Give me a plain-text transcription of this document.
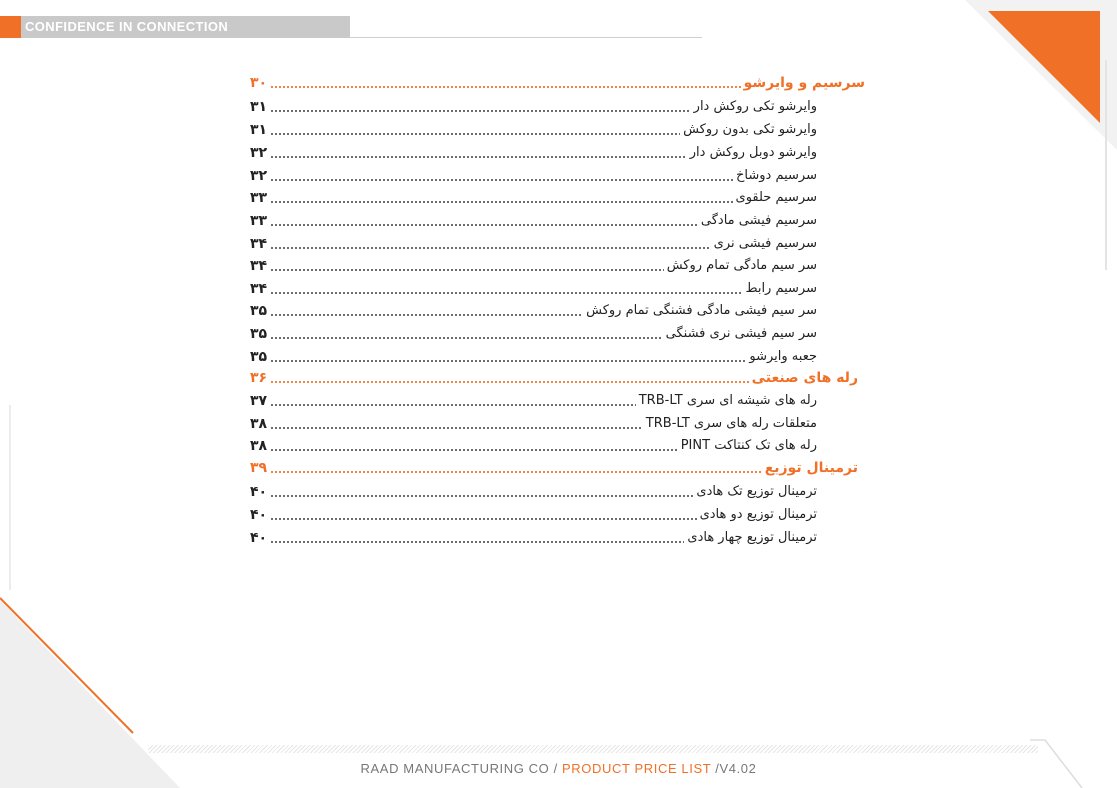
CONFIDENCE IN CONNECTION
۳۰	سرسیم و وایرشو
۳۱	وایرشو تکی روکش دار
۳۱	وایرشو تکی بدون روکش
۳۲	وایرشو دوبل روکش دار
۳۲	سرسیم دوشاخ
۳۳	سرسیم حلقوی
۳۳	سرسیم فیشی مادگی
۳۴	سرسیم فیشی نری
۳۴	سر سیم مادگی تمام روکش
۳۴	سرسیم رابط
۳۵	سر سیم فیشی مادگی فشنگی تمام روکش
۳۵	سر سیم فیشی نری فشنگی
۳۵	جعبه وایرشو
۳۶	رله های صنعتی
۳۷	رله های شیشه ای سری TRB-LT
۳۸	متعلقات رله های سری TRB-LT
۳۸	رله های تک کنتاکت PINT
۳۹	ترمینال توزیع
۴۰	ترمینال توزیع تک هادی
۴۰	ترمینال توزیع دو هادی
۴۰	ترمینال توزیع چهار هادی
RAAD MANUFACTURING CO / PRODUCT PRICE LIST /V4.02
